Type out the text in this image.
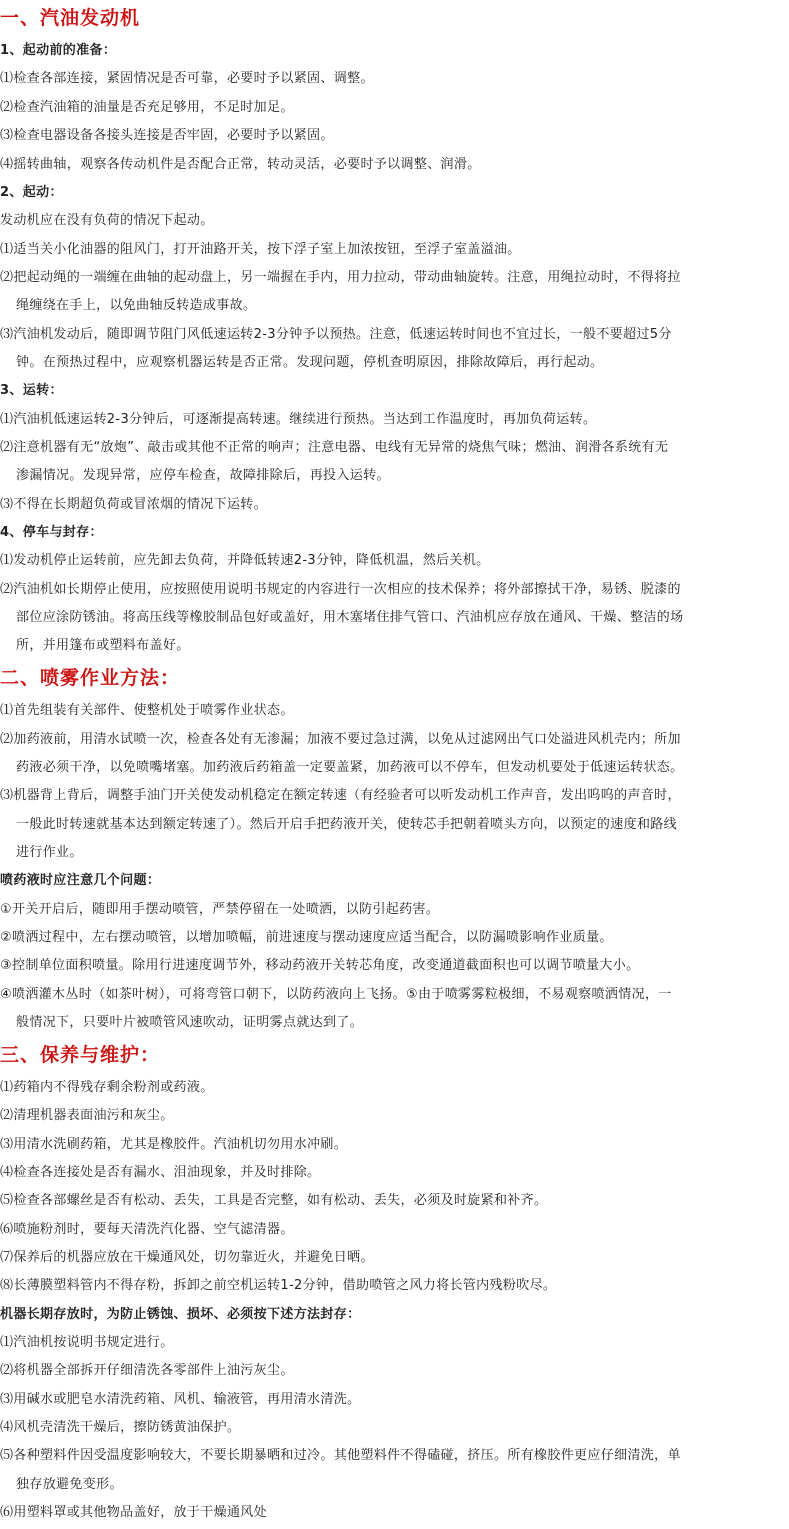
一、汽油发动机
1、起动前的准备：
⑴检查各部连接，紧固情况是否可靠，必要时予以紧固、调整。
⑵检查汽油箱的油量是否充足够用，不足时加足。
⑶检查电器设备各接头连接是否牢固，必要时予以紧固。
⑷摇转曲轴，观察各传动机件是否配合正常，转动灵活，必要时予以调整、润滑。
2、起动：
发动机应在没有负荷的情况下起动。
⑴适当关小化油器的阻风门，打开油路开关，按下浮子室上加浓按钮，至浮子室盖溢油。
⑵把起动绳的一端缠在曲轴的起动盘上，另一端握在手内，用力拉动，带动曲轴旋转。注意，用绳拉动时，不得将拉
绳缠绕在手上，以免曲轴反转造成事故。
⑶汽油机发动后，随即调节阻门风低速运转2-3分钟予以预热。注意，低速运转时间也不宜过长，一般不要超过5分
钟。在预热过程中，应观察机器运转是否正常。发现问题，停机查明原因，排除故障后，再行起动。
3、运转：
⑴汽油机低速运转2-3分钟后，可逐渐提高转速。继续进行预热。当达到工作温度时，再加负荷运转。
⑵注意机器有无“放炮”、敲击或其他不正常的响声；注意电器、电线有无异常的烧焦气味；燃油、润滑各系统有无
渗漏情况。发现异常，应停车检查，故障排除后，再投入运转。
⑶不得在长期超负荷或冒浓烟的情况下运转。
4、停车与封存：
⑴发动机停止运转前，应先卸去负荷，并降低转速2-3分钟，降低机温，然后关机。
⑵汽油机如长期停止使用，应按照使用说明书规定的内容进行一次相应的技术保养；将外部擦拭干净，易锈、脱漆的
部位应涂防锈油。将高压线等橡胶制品包好或盖好，用木塞堵住排气管口、汽油机应存放在通风、干燥、整洁的场
所，并用篷布或塑料布盖好。
二、喷雾作业方法：
⑴首先组装有关部件、使整机处于喷雾作业状态。
⑵加药液前，用清水试喷一次，检查各处有无渗漏；加液不要过急过满，以免从过滤网出气口处溢进风机壳内；所加
药液必须干净，以免喷嘴堵塞。加药液后药箱盖一定要盖紧，加药液可以不停车，但发动机要处于低速运转状态。
⑶机器背上背后，调整手油门开关使发动机稳定在额定转速（有经验者可以听发动机工作声音，发出呜呜的声音时，
一般此时转速就基本达到额定转速了）。然后开启手把药液开关，使转芯手把朝着喷头方向，以预定的速度和路线
进行作业。
喷药液时应注意几个问题：
①开关开启后，随即用手摆动喷管，严禁停留在一处喷洒，以防引起药害。
②喷洒过程中，左右摆动喷管，以增加喷幅，前进速度与摆动速度应适当配合，以防漏喷影响作业质量。
③控制单位面积喷量。除用行进速度调节外，移动药液开关转芯角度，改变通道截面积也可以调节喷量大小。
④喷洒灌木丛时（如茶叶树），可将弯管口朝下，以防药液向上飞扬。⑤由于喷雾雾粒极细，不易观察喷洒情况，一
般情况下，只要叶片被喷管风速吹动，证明雾点就达到了。
三、保养与维护：
⑴药箱内不得残存剩余粉剂或药液。
⑵清理机器表面油污和灰尘。
⑶用清水洗刷药箱，尤其是橡胶件。汽油机切勿用水冲刷。
⑷检查各连接处是否有漏水、泪油现象，并及时排除。
⑸检查各部螺丝是否有松动、丢失，工具是否完整，如有松动、丢失，必须及时旋紧和补齐。
⑹喷施粉剂时，要每天清洗汽化器、空气滤清器。
⑺保养后的机器应放在干燥通风处，切勿靠近火，并避免日晒。
⑻长薄膜塑料管内不得存粉，拆卸之前空机运转1-2分钟，借助喷管之风力将长管内残粉吹尽。
机器长期存放时，为防止锈蚀、损坏、必须按下述方法封存：
⑴汽油机按说明书规定进行。
⑵将机器全部拆开仔细清洗各零部件上油污灰尘。
⑶用碱水或肥皂水清洗药箱、风机、输液管，再用清水清洗。
⑷风机壳清洗干燥后，擦防锈黄油保护。
⑸各种塑料件因受温度影响较大，不要长期暴晒和过冷。其他塑料件不得磕碰，挤压。所有橡胶件更应仔细清洗，单
独存放避免变形。
⑹用塑料罩或其他物品盖好，放于干燥通风处
